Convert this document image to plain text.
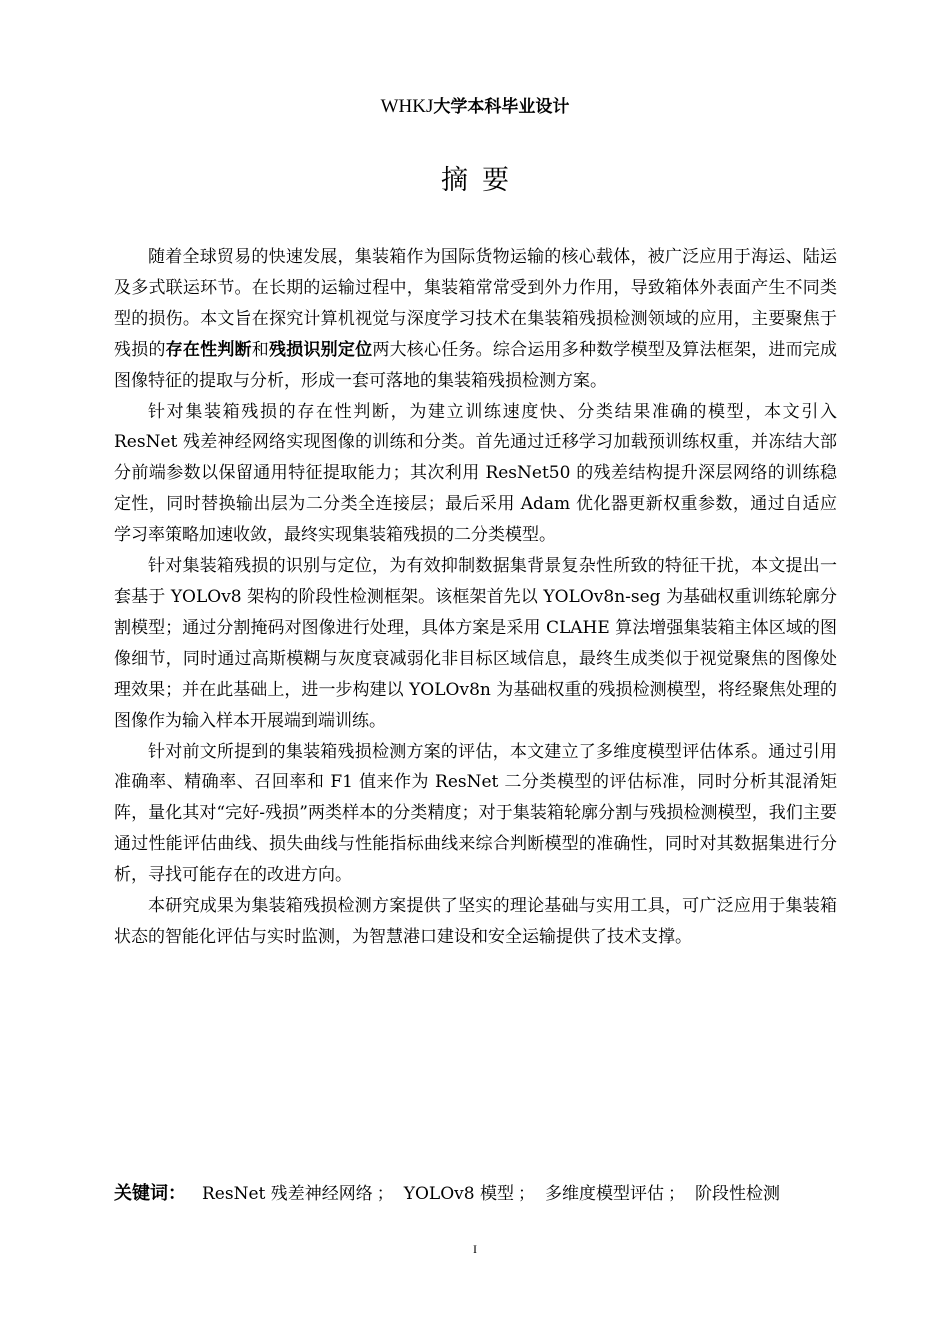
WHKJ大学本科毕业设计
摘要

随着全球贸易的快速发展，集装箱作为国际货物运输的核心载体，被广泛应用于海运、陆运及多式联运环节。在长期的运输过程中，集装箱常常受到外力作用，导致箱体外表面产生不同类型的损伤。本文旨在探究计算机视觉与深度学习技术在集装箱残损检测领域的应用，主要聚焦于残损的存在性判断和残损识别定位两大核心任务。综合运用多种数学模型及算法框架，进而完成图像特征的提取与分析，形成一套可落地的集装箱残损检测方案。

针对集装箱残损的存在性判断，为建立训练速度快、分类结果准确的模型，本文引入 ResNet 残差神经网络实现图像的训练和分类。首先通过迁移学习加载预训练权重，并冻结大部分前端参数以保留通用特征提取能力；其次利用 ResNet50 的残差结构提升深层网络的训练稳定性，同时替换输出层为二分类全连接层；最后采用 Adam 优化器更新权重参数，通过自适应学习率策略加速收敛，最终实现集装箱残损的二分类模型。

针对集装箱残损的识别与定位，为有效抑制数据集背景复杂性所致的特征干扰，本文提出一套基于 YOLOv8 架构的阶段性检测框架。该框架首先以 YOLOv8n-seg 为基础权重训练轮廓分割模型；通过分割掩码对图像进行处理，具体方案是采用 CLAHE 算法增强集装箱主体区域的图像细节，同时通过高斯模糊与灰度衰减弱化非目标区域信息，最终生成类似于视觉聚焦的图像处理效果；并在此基础上，进一步构建以 YOLOv8n 为基础权重的残损检测模型，将经聚焦处理的图像作为输入样本开展端到端训练。

针对前文所提到的集装箱残损检测方案的评估，本文建立了多维度模型评估体系。通过引用准确率、精确率、召回率和 F1 值来作为 ResNet 二分类模型的评估标准，同时分析其混淆矩阵，量化其对“完好-残损”两类样本的分类精度；对于集装箱轮廓分割与残损检测模型，我们主要通过性能评估曲线、损失曲线与性能指标曲线来综合判断模型的准确性，同时对其数据集进行分析，寻找可能存在的改进方向。

本研究成果为集装箱残损检测方案提供了坚实的理论基础与实用工具，可广泛应用于集装箱状态的智能化评估与实时监测，为智慧港口建设和安全运输提供了技术支撑。

关键词： ResNet 残差神经网络 ； YOLOv8 模型 ； 多维度模型评估 ； 阶段性检测
I
